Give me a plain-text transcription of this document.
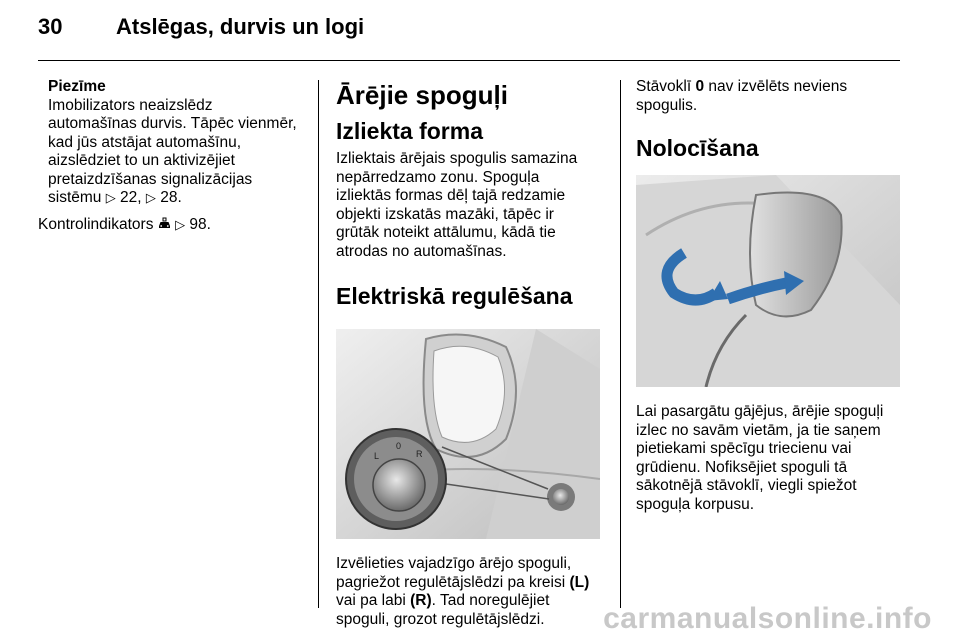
30 Atslēgas, durvis un logi
Piezīme
Imobilizators neaizslēdz
automašīnas durvis. Tāpēc vienmēr,
kad jūs atstājat automašīnu,
aizslēdziet to un aktivizējiet
pretaizdzīšanas signalizācijas
sistēmu ▷ 22, ▷ 28.
Kontrolindikators  ▷ 98.
Ārējie spoguļi
Izliekta forma
Izliektais ārējais spogulis samazina
nepārredzamo zonu. Spoguļa
izliektās formas dēļ tajā redzamie
objekti izskatās mazāki, tāpēc ir
grūtāk noteikt attālumu, kādā tie
atrodas no automašīnas.
Elektriskā regulēšana
L
0
R
Izvēlieties vajadzīgo ārējo spoguli,
pagriežot regulētājslēdzi pa kreisi (L)
vai pa labi (R). Tad noregulējiet
spoguli, grozot regulētājslēdzi.
Stāvoklī 0 nav izvēlēts neviens
spogulis.
Nolocīšana
Lai pasargātu gājējus, ārējie spoguļi
izlec no savām vietām, ja tie saņem
pietiekami spēcīgu triecienu vai
grūdienu. Nofiksējiet spoguli tā
sākotnējā stāvoklī, viegli spiežot
spoguļa korpusu.
carmanualsonline.info
